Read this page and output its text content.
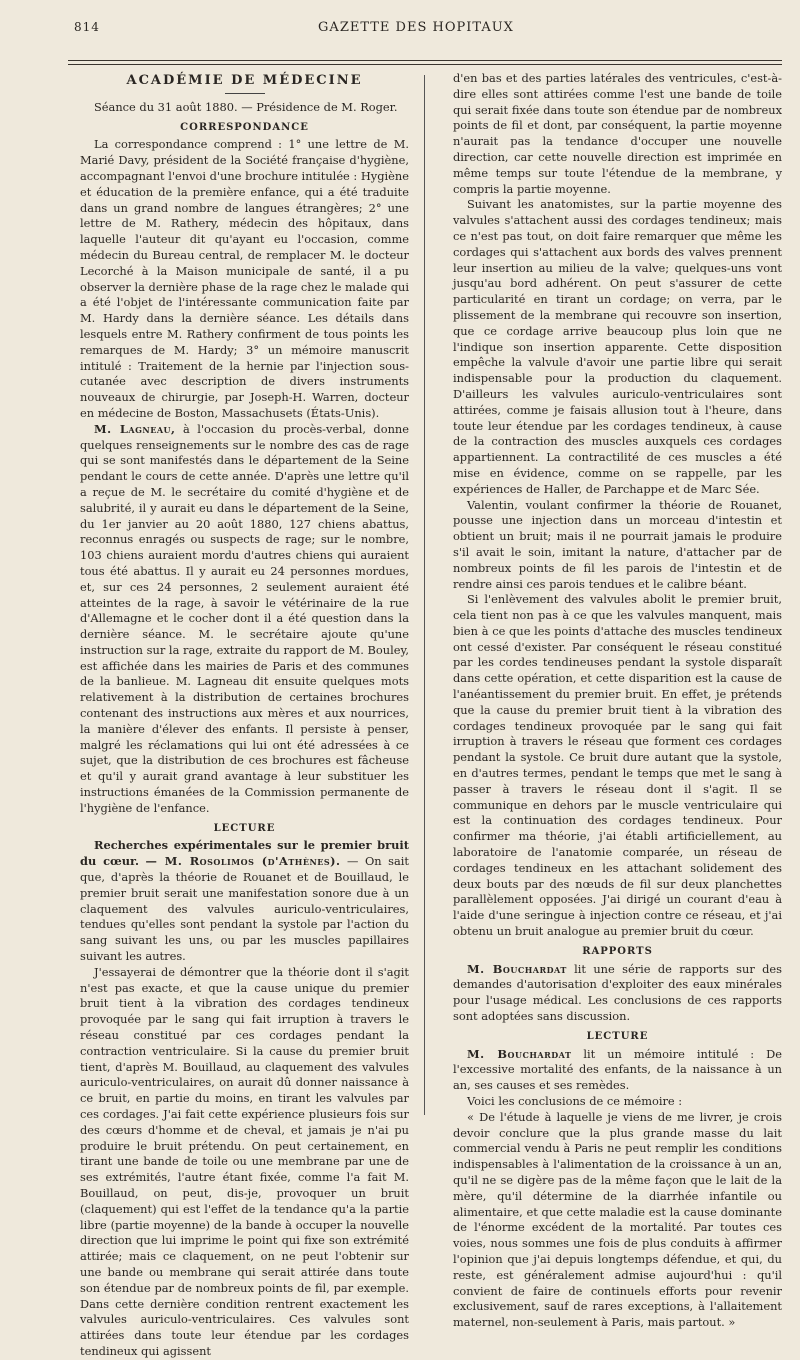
814	GAZETTE DES HOPITAUX
ACADÉMIE DE MÉDECINE

Séance du 31 août 1880. — Présidence de M. Roger.

CORRESPONDANCE

La correspondance comprend : 1° une lettre de M. Marié Davy, président de la Société française d'hygiène, accompagnant l'envoi d'une brochure intitulée : Hygiène et éducation de la première enfance, qui a été traduite dans un grand nombre de langues étrangères; 2° une lettre de M. Rathery, médecin des hôpitaux, dans laquelle l'auteur dit qu'ayant eu l'occasion, comme médecin du Bureau central, de remplacer M. le docteur Lecorché à la Maison municipale de santé, il a pu observer la dernière phase de la rage chez le malade qui a été l'objet de l'intéressante communication faite par M. Hardy dans la dernière séance. Les détails dans lesquels entre M. Rathery confirment de tous points les remarques de M. Hardy; 3° un mémoire manuscrit intitulé : Traitement de la hernie par l'injection sous-cutanée avec description de divers instruments nouveaux de chirurgie, par Joseph-H. Warren, docteur en médecine de Boston, Massachusets (États-Unis).

M. Lagneau, à l'occasion du procès-verbal, donne quelques renseignements sur le nombre des cas de rage qui se sont manifestés dans le département de la Seine pendant le cours de cette année. D'après une lettre qu'il a reçue de M. le secrétaire du comité d'hygiène et de salubrité, il y aurait eu dans le département de la Seine, du 1er janvier au 20 août 1880, 127 chiens abattus, reconnus enragés ou suspects de rage; sur le nombre, 103 chiens auraient mordu d'autres chiens qui auraient tous été abattus. Il y aurait eu 24 personnes mordues, et, sur ces 24 personnes, 2 seulement auraient été atteintes de la rage, à savoir le vétérinaire de la rue d'Allemagne et le cocher dont il a été question dans la dernière séance. M. le secrétaire ajoute qu'une instruction sur la rage, extraite du rapport de M. Bouley, est affichée dans les mairies de Paris et des communes de la banlieue. M. Lagneau dit ensuite quelques mots relativement à la distribution de certaines brochures contenant des instructions aux mères et aux nourrices, la manière d'élever des enfants. Il persiste à penser, malgré les réclamations qui lui ont été adressées à ce sujet, que la distribution de ces brochures est fâcheuse et qu'il y aurait grand avantage à leur substituer les instructions émanées de la Commission permanente de l'hygiène de l'enfance.

LECTURE

Recherches expérimentales sur le premier bruit du cœur. — M. Rosolimos (d'Athènes). — On sait que, d'après la théorie de Rouanet et de Bouillaud, le premier bruit serait une manifestation sonore due à un claquement des valvules auriculo-ventriculaires, tendues qu'elles sont pendant la systole par l'action du sang suivant les uns, ou par les muscles papillaires suivant les autres.

J'essayerai de démontrer que la théorie dont il s'agit n'est pas exacte, et que la cause unique du premier bruit tient à la vibration des cordages tendineux provoquée par le sang qui fait irruption à travers le réseau constitué par ces cordages pendant la contraction ventriculaire. Si la cause du premier bruit tient, d'après M. Bouillaud, au claquement des valvules auriculo-ventriculaires, on aurait dû donner naissance à ce bruit, en partie du moins, en tirant les valvules par ces cordages. J'ai fait cette expérience plusieurs fois sur des cœurs d'homme et de cheval, et jamais je n'ai pu produire le bruit prétendu. On peut certainement, en tirant une bande de toile ou une membrane par une de ses extrémités, l'autre étant fixée, comme l'a fait M. Bouillaud, on peut, dis-je, provoquer un bruit (claquement) qui est l'effet de la tendance qu'a la partie libre (partie moyenne) de la bande à occuper la nouvelle direction que lui imprime le point qui fixe son extrémité attirée; mais ce claquement, on ne peut l'obtenir sur une bande ou membrane qui serait attirée dans toute son étendue par de nombreux points de fil, par exemple. Dans cette dernière condition rentrent exactement les valvules auriculo-ventriculaires. Ces valvules sont attirées dans toute leur étendue par les cordages tendineux qui agissent

d'en bas et des parties latérales des ventricules, c'est-à-dire elles sont attirées comme l'est une bande de toile qui serait fixée dans toute son étendue par de nombreux points de fil et dont, par conséquent, la partie moyenne n'aurait pas la tendance d'occuper une nouvelle direction, car cette nouvelle direction est imprimée en même temps sur toute l'étendue de la membrane, y compris la partie moyenne.

Suivant les anatomistes, sur la partie moyenne des valvules s'attachent aussi des cordages tendineux; mais ce n'est pas tout, on doit faire remarquer que même les cordages qui s'attachent aux bords des valves prennent leur insertion au milieu de la valve; quelques-uns vont jusqu'au bord adhérent. On peut s'assurer de cette particularité en tirant un cordage; on verra, par le plissement de la membrane qui recouvre son insertion, que ce cordage arrive beaucoup plus loin que ne l'indique son insertion apparente. Cette disposition empêche la valvule d'avoir une partie libre qui serait indispensable pour la production du claquement. D'ailleurs les valvules auriculo-ventriculaires sont attirées, comme je faisais allusion tout à l'heure, dans toute leur étendue par les cordages tendineux, à cause de la contraction des muscles auxquels ces cordages appartiennent. La contractilité de ces muscles a été mise en évidence, comme on se rappelle, par les expériences de Haller, de Parchappe et de Marc Sée.

Valentin, voulant confirmer la théorie de Rouanet, pousse une injection dans un morceau d'intestin et obtient un bruit; mais il ne pourrait jamais le produire s'il avait le soin, imitant la nature, d'attacher par de nombreux points de fil les parois de l'intestin et de rendre ainsi ces parois tendues et le calibre béant.

Si l'enlèvement des valvules abolit le premier bruit, cela tient non pas à ce que les valvules manquent, mais bien à ce que les points d'attache des muscles tendineux ont cessé d'exister. Par conséquent le réseau constitué par les cordes tendineuses pendant la systole disparaît dans cette opération, et cette disparition est la cause de l'anéantissement du premier bruit. En effet, je prétends que la cause du premier bruit tient à la vibration des cordages tendineux provoquée par le sang qui fait irruption à travers le réseau que forment ces cordages pendant la systole. Ce bruit dure autant que la systole, en d'autres termes, pendant le temps que met le sang à passer à travers le réseau dont il s'agit. Il se communique en dehors par le muscle ventriculaire qui est la continuation des cordages tendineux. Pour confirmer ma théorie, j'ai établi artificiellement, au laboratoire de l'anatomie comparée, un réseau de cordages tendineux en les attachant solidement des deux bouts par des nœuds de fil sur deux planchettes parallèlement opposées. J'ai dirigé un courant d'eau à l'aide d'une seringue à injection contre ce réseau, et j'ai obtenu un bruit analogue au premier bruit du cœur.

RAPPORTS

M. Bouchardat lit une série de rapports sur des demandes d'autorisation d'exploiter des eaux minérales pour l'usage médical. Les conclusions de ces rapports sont adoptées sans discussion.

LECTURE

M. Bouchardat lit un mémoire intitulé : De l'excessive mortalité des enfants, de la naissance à un an, ses causes et ses remèdes.

Voici les conclusions de ce mémoire :

« De l'étude à laquelle je viens de me livrer, je crois devoir conclure que la plus grande masse du lait commercial vendu à Paris ne peut remplir les conditions indispensables à l'alimentation de la croissance à un an, qu'il ne se digère pas de la même façon que le lait de la mère, qu'il détermine de la diarrhée infantile ou alimentaire, et que cette maladie est la cause dominante de l'énorme excédent de la mortalité. Par toutes ces voies, nous sommes une fois de plus conduits à affirmer l'opinion que j'ai depuis longtemps défendue, et qui, du reste, est généralement admise aujourd'hui : qu'il convient de faire de continuels efforts pour revenir exclusivement, sauf de rares exceptions, à l'allaitement maternel, non-seulement à Paris, mais partout. »
